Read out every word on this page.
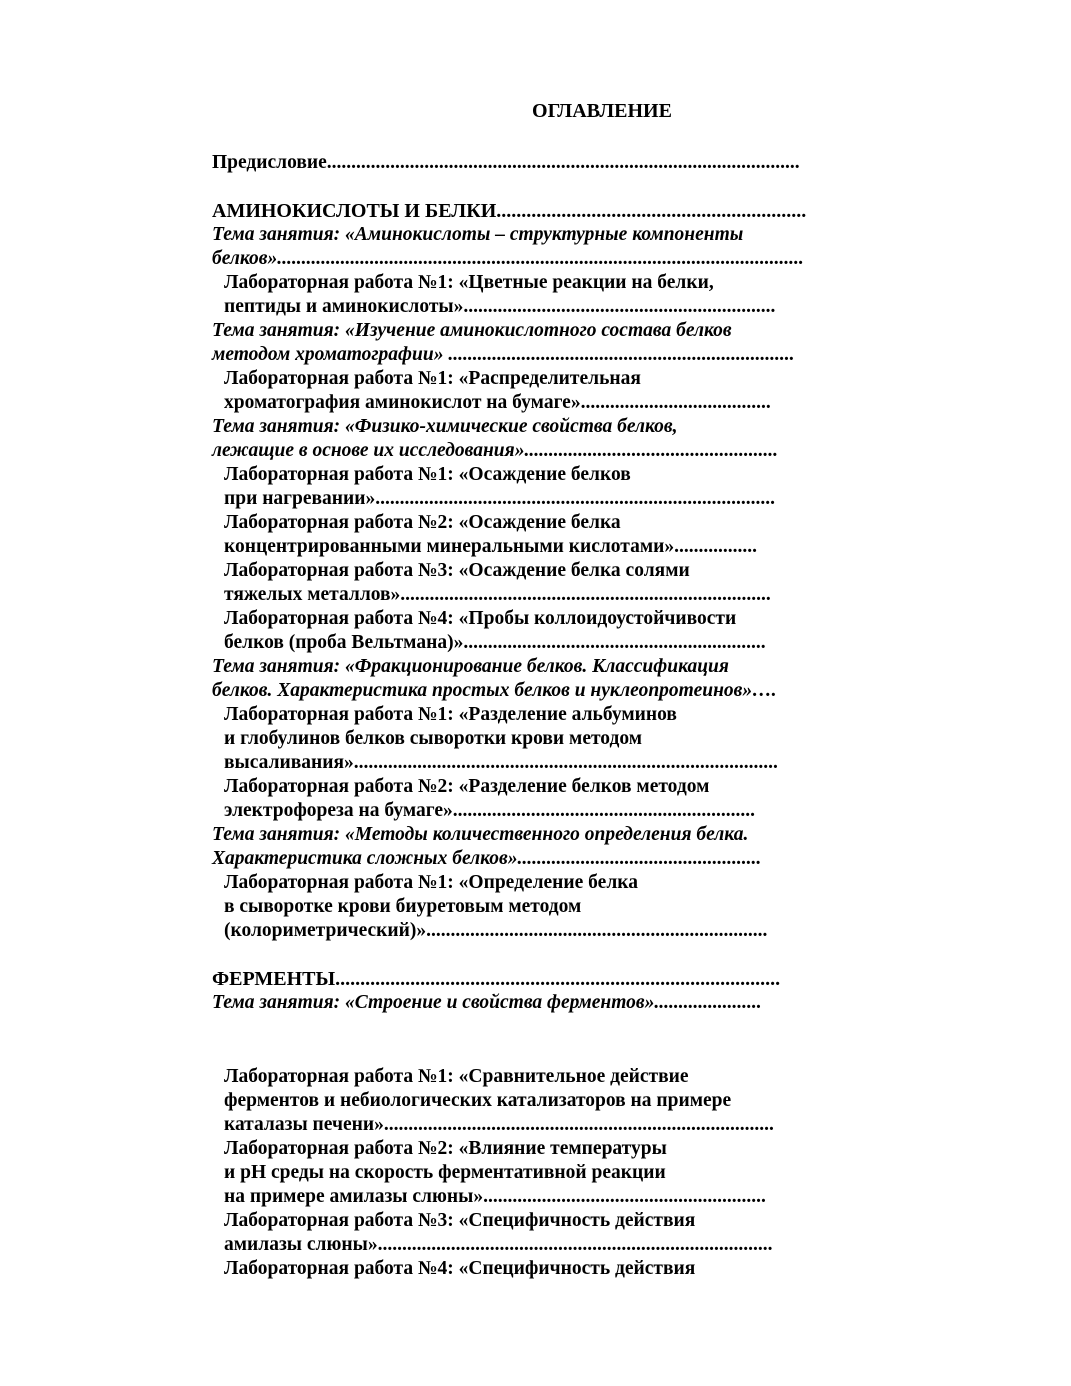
ОГЛАВЛЕНИЕ
Предисловие.................................................................................................
АМИНОКИСЛОТЫ И БЕЛКИ..............................................................
Тема занятия: «Аминокислоты – структурные компоненты
белков»............................................................................................................
Лабораторная работа №1: «Цветные реакции на белки,
пептиды и аминокислоты»................................................................
Тема занятия: «Изучение аминокислотного состава белков
методом хроматографии» .......................................................................
Лабораторная работа №1: «Распределительная
хроматография аминокислот на бумаге».......................................
Тема занятия: «Физико-химические свойства белков,
лежащие в основе их исследования»....................................................
Лабораторная работа №1: «Осаждение белков
при нагревании»..................................................................................
Лабораторная работа №2: «Осаждение белка
концентрированными минеральными кислотами».................
Лабораторная работа №3: «Осаждение белка солями
тяжелых металлов»............................................................................
Лабораторная работа №4: «Пробы коллоидоустойчивости
белков (проба Вельтмана)»..............................................................
Тема занятия: «Фракционирование белков. Классификация
белков. Характеристика простых белков и нуклеопротеинов»….
Лабораторная работа №1: «Разделение альбуминов
и глобулинов белков сыворотки крови методом
высаливания».......................................................................................
Лабораторная работа №2: «Разделение белков методом
электрофореза на бумаге»..............................................................
Тема занятия: «Методы количественного определения белка.
Характеристика сложных белков»..................................................
Лабораторная работа №1: «Определение белка
в сыворотке крови биуретовым методом
(колориметрический)»......................................................................
ФЕРМЕНТЫ.........................................................................................
Тема занятия: «Строение и свойства ферментов»......................
Лабораторная работа №1: «Сравнительное действие
ферментов и небиологических катализаторов на примере
каталазы печени»................................................................................
Лабораторная работа №2: «Влияние температуры
и рН среды на скорость ферментативной реакции
на примере амилазы слюны»..........................................................
Лабораторная работа №3: «Специфичность действия
амилазы слюны».................................................................................
Лабораторная работа №4: «Специфичность действия
